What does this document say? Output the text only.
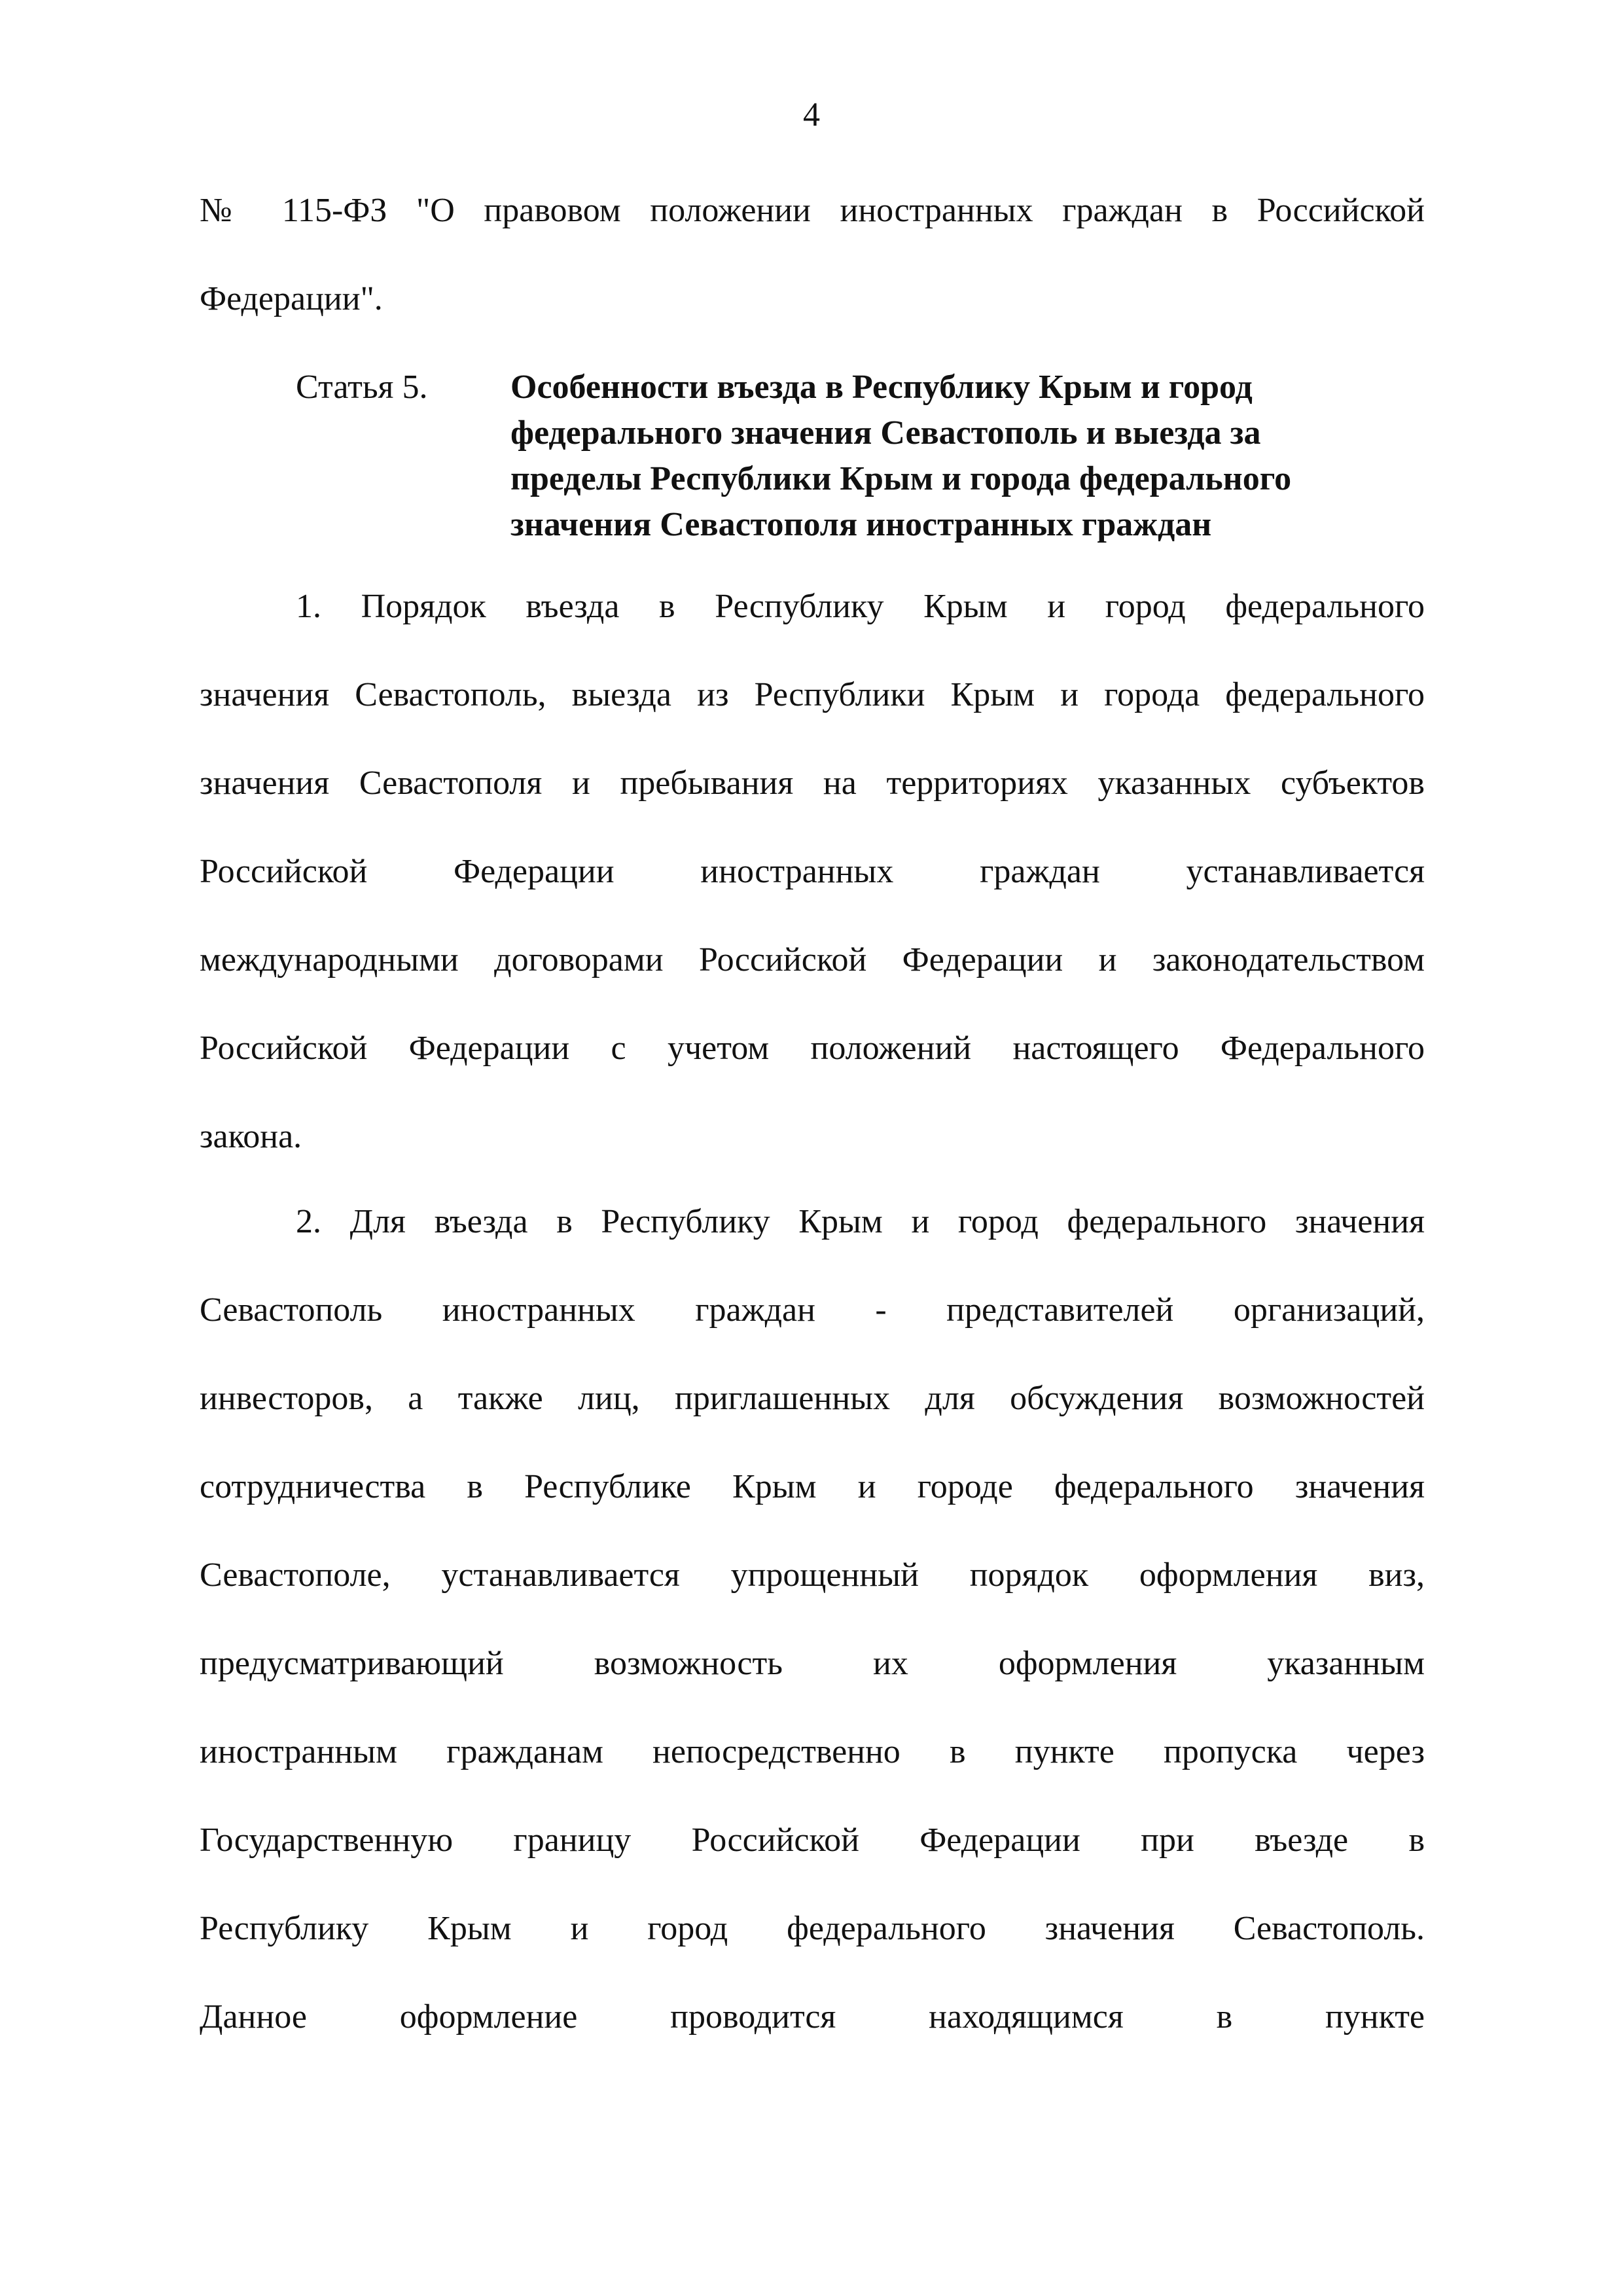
4
№ 115-ФЗ "О правовом положении иностранных граждан в Российской
Федерации".
Статья 5. Особенности въезда в Республику Крым и город
федерального значения Севастополь и выезда за
пределы Республики Крым и города федерального
значения Севастополя иностранных граждан
1. Порядок въезда в Республику Крым и город федерального
значения Севастополь, выезда из Республики Крым и города федерального
значения Севастополя и пребывания на территориях указанных субъектов
Российской Федерации иностранных граждан устанавливается
международными договорами Российской Федерации и законодательством
Российской Федерации с учетом положений настоящего Федерального
закона.
2. Для въезда в Республику Крым и город федерального значения
Севастополь иностранных граждан - представителей организаций,
инвесторов, а также лиц, приглашенных для обсуждения возможностей
сотрудничества в Республике Крым и городе федерального значения
Севастополе, устанавливается упрощенный порядок оформления виз,
предусматривающий возможность их оформления указанным
иностранным гражданам непосредственно в пункте пропуска через
Государственную границу Российской Федерации при въезде в
Республику Крым и город федерального значения Севастополь.
Данное оформление проводится находящимся в пункте
